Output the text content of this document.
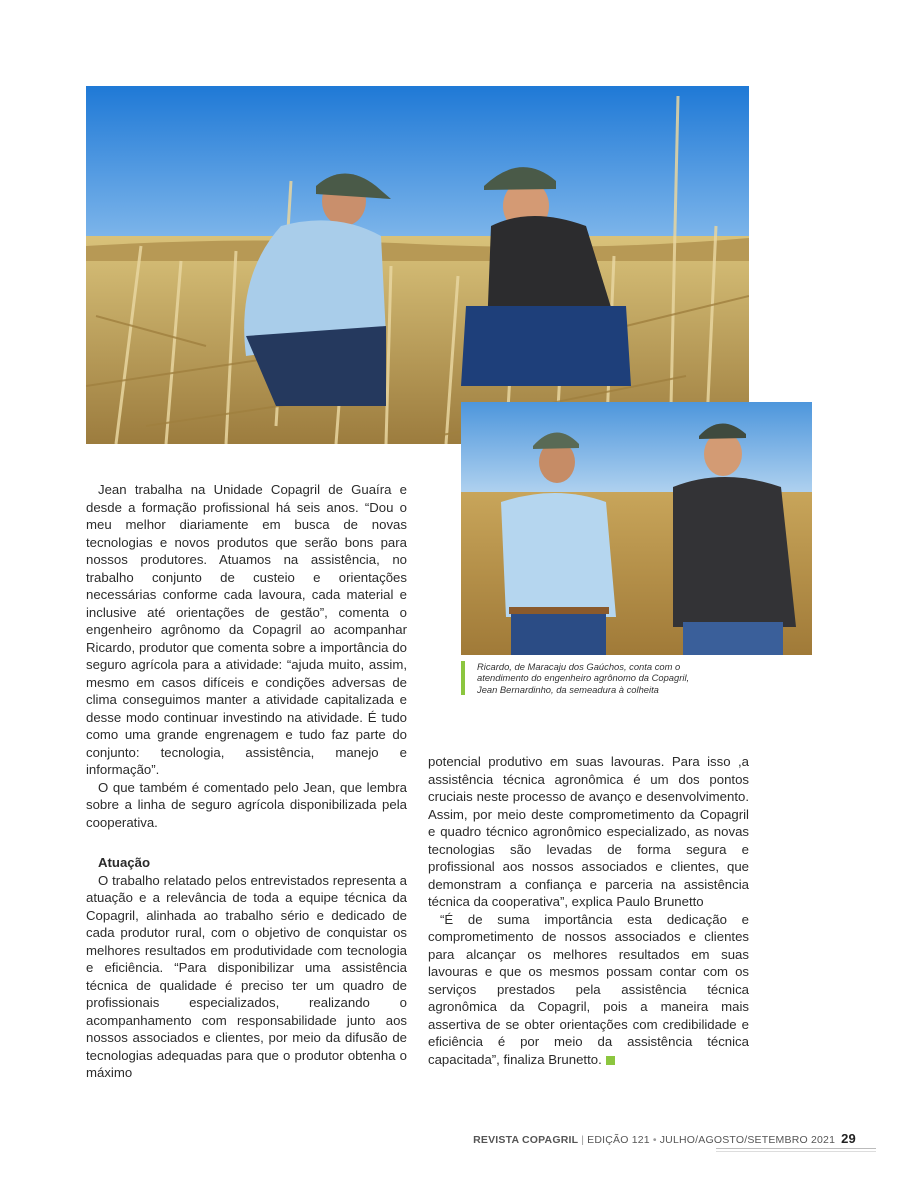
Ricardo, de Maracaju dos Gaúchos, conta com o atendimento do engenheiro agrônomo da Copagril, Jean Bernardinho, da semeadura à colheita

Jean trabalha na Unidade Copagril de Guaíra e desde a formação profissional há seis anos. “Dou o meu melhor diariamente em busca de novas tecnologias e novos produtos que serão bons para nossos produtores. Atuamos na assistência, no trabalho conjunto de custeio e orientações necessárias conforme cada lavoura, cada material e inclusive até orientações de gestão”, comenta o engenheiro agrônomo da Copagril ao acompanhar Ricardo, produtor que comenta sobre a importância do seguro agrícola para a atividade: “ajuda muito, assim, mesmo em casos difíceis e condições adversas de clima conseguimos manter a atividade capitalizada e desse modo continuar investindo na atividade. É tudo como uma grande engrenagem e tudo faz parte do conjunto: tecnologia, assistência, manejo e informação”.

O que também é comentado pelo Jean, que lembra sobre a linha de seguro agrícola disponibilizada pela cooperativa.

Atuação

O trabalho relatado pelos entrevistados representa a atuação e a relevância de toda a equipe técnica da Copagril, alinhada ao trabalho sério e dedicado de cada produtor rural, com o objetivo de conquistar os melhores resultados em produtividade com tecnologia e eficiência. “Para disponibilizar uma assistência técnica de qualidade é preciso ter um quadro de profissionais especializados, realizando o acompanhamento com responsabilidade junto aos nossos associados e clientes, por meio da difusão de tecnologias adequadas para que o produtor obtenha o máximo

potencial produtivo em suas lavouras. Para isso ,a assistência técnica agronômica é um dos pontos cruciais neste processo de avanço e desenvolvimento. Assim, por meio deste comprometimento da Copagril e quadro técnico agronômico especializado, as novas tecnologias são levadas de forma segura e profissional aos nossos associados e clientes, que demonstram a confiança e parceria na assistência técnica da cooperativa”, explica Paulo Brunetto

“É de suma importância esta dedicação e comprometimento de nossos associados e clientes para alcançar os melhores resultados em suas lavouras e que os mesmos possam contar com os serviços prestados pela assistência técnica agronômica da Copagril, pois a maneira mais assertiva de se obter orientações com credibilidade e eficiência é por meio da assistência técnica capacitada”, finaliza Brunetto.

REVISTA COPAGRIL | EDIÇÃO 121 • JULHO/AGOSTO/SETEMBRO 2021 29
